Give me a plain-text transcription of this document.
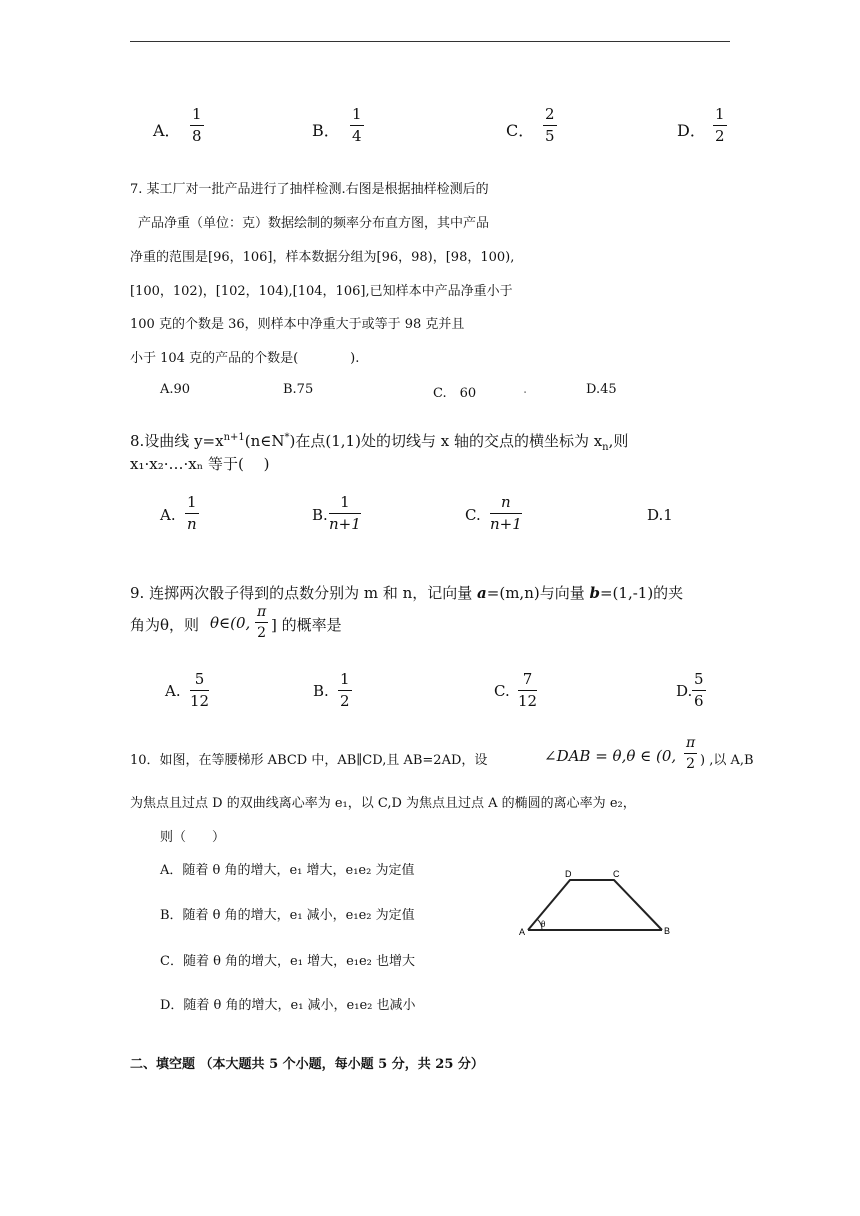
A．
1
8	B．
1
4	C．
2
5	D．
1
2
7. 某工厂对一批产品进行了抽样检测.右图是根据抽样检测后的
产品净重（单位：克）数据绘制的频率分布直方图，其中产品
净重的范围是[96，106]，样本数据分组为[96，98)，[98，100),
[100，102)，[102，104),[104，106],已知样本中产品净重小于
100 克的个数是 36，则样本中净重大于或等于 98 克并且
小于 104 克的产品的个数是(　　　　).
A.90	B.75	C.　60	.	D.45
8.设曲线 $y=x^{n+1}(n\in N^*)$在点(1,1)处的切线与 x 轴的交点的横坐标为 $x_n$,则
x₁·x₂·…·xₙ 等于(　 )
A.
1
n	B.
1
n+1	C.
n
n+1	D.1
9. 连掷两次骰子得到的点数分别为 m 和 n，记向量 a=(m,n)与向量 b=(1,-1)的夹
角为θ，则 θ∈(0,
π
2 ] 的概率是
A.
5
12
B.
1
2
C.
7
12
D.
5
6
10．如图，在等腰梯形 ABCD 中，AB∥CD,且 AB=2AD，设	∠DAB = θ,θ ∈ (0,
π
2 ) ,以 A,B
为焦点且过点 D 的双曲线离心率为 e₁，以 C,D 为焦点且过点 A 的椭圆的离心率为 e₂，
则（　　）
A．随着 θ 角的增大，e₁ 增大，e₁e₂ 为定值
B．随着 θ 角的增大，e₁ 减小，e₁e₂ 为定值
C．随着 θ 角的增大，e₁ 增大，e₁e₂ 也增大
D．随着 θ 角的增大，e₁ 减小，e₁e₂ 也减小
A	B
C
D
θ
二、填空题 （本大题共 5 个小题，每小题 5 分，共 25 分）
